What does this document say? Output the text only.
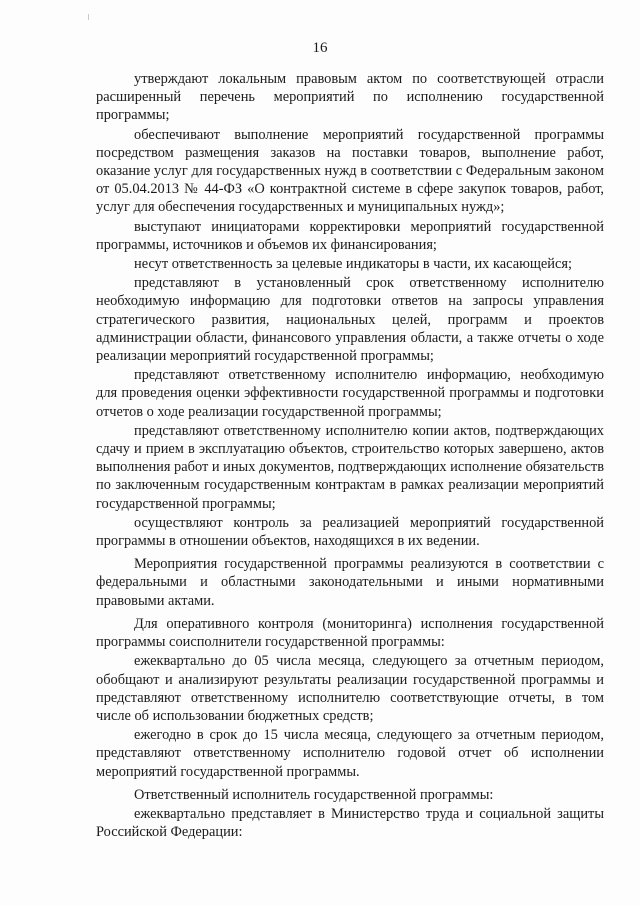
16

утверждают локальным правовым актом по соответствующей отрасли расширенный перечень мероприятий по исполнению государственной программы;

обеспечивают выполнение мероприятий государственной программы посредством размещения заказов на поставки товаров, выполнение работ, оказание услуг для государственных нужд в соответствии с Федеральным законом от 05.04.2013 № 44-ФЗ «О контрактной системе в сфере закупок товаров, работ, услуг для обеспечения государственных и муниципальных нужд»;

выступают инициаторами корректировки мероприятий государственной программы, источников и объемов их финансирования;

несут ответственность за целевые индикаторы в части, их касающейся;

представляют в установленный срок ответственному исполнителю необходимую информацию для подготовки ответов на запросы управления стратегического развития, национальных целей, программ и проектов администрации области, финансового управления области, а также отчеты о ходе реализации мероприятий государственной программы;

представляют ответственному исполнителю информацию, необходимую для проведения оценки эффективности государственной программы и подготовки отчетов о ходе реализации государственной программы;

представляют ответственному исполнителю копии актов, подтверждающих сдачу и прием в эксплуатацию объектов, строительство которых завершено, актов выполнения работ и иных документов, подтверждающих исполнение обязательств по заключенным государственным контрактам в рамках реализации мероприятий государственной программы;

осуществляют контроль за реализацией мероприятий государственной программы в отношении объектов, находящихся в их ведении.

Мероприятия государственной программы реализуются в соответствии с федеральными и областными законодательными и иными нормативными правовыми актами.

Для оперативного контроля (мониторинга) исполнения государственной программы соисполнители государственной программы:

ежеквартально до 05 числа месяца, следующего за отчетным периодом, обобщают и анализируют результаты реализации государственной программы и представляют ответственному исполнителю соответствующие отчеты, в том числе об использовании бюджетных средств;

ежегодно в срок до 15 числа месяца, следующего за отчетным периодом, представляют ответственному исполнителю годовой отчет об исполнении мероприятий государственной программы.

Ответственный исполнитель государственной программы:

ежеквартально представляет в Министерство труда и социальной защиты Российской Федерации:
